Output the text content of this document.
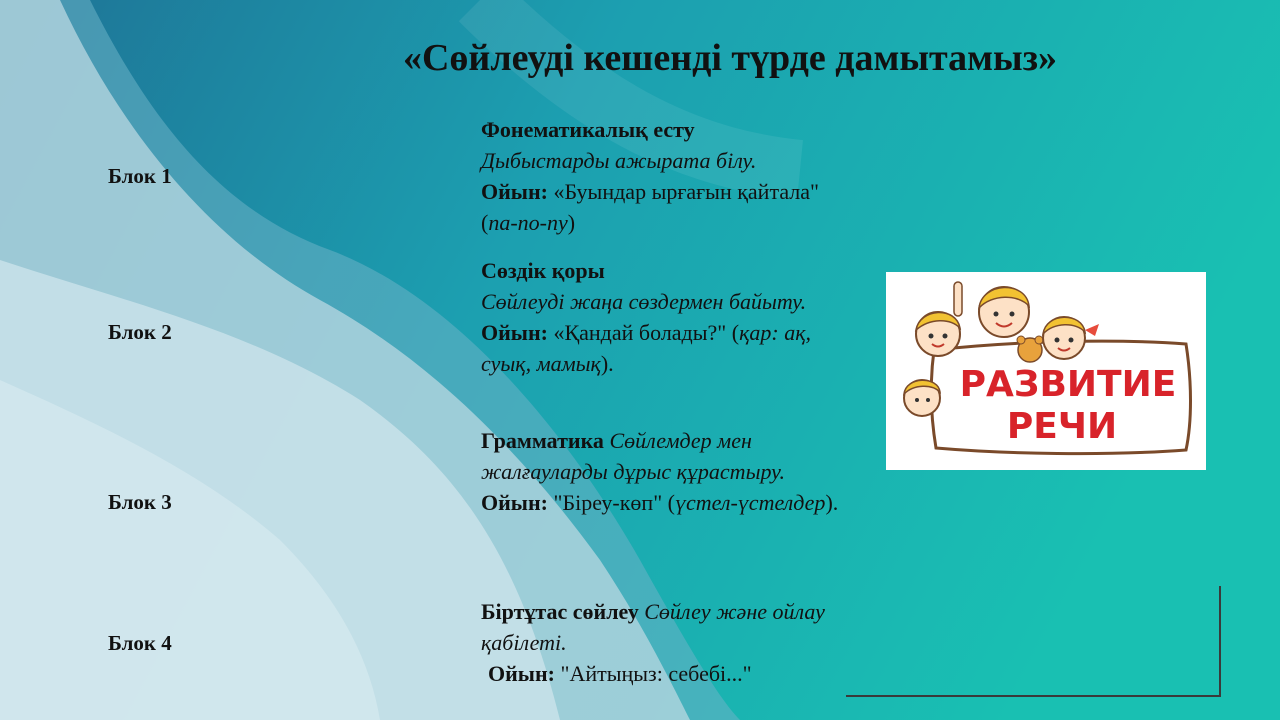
«Сөйлеуді кешенді түрде дамытамыз»
Блок 1
Фонематикалық есту
Дыбыстарды ажырата білу.
Ойын: «Буындар ырғағын қайтала" (па-по-пу)
Блок 2
Сөздік қоры
Сөйлеуді жаңа сөздермен байыту.
Ойын: «Қандай болады?" (қар: ақ, суық, мамық).
Блок 3
Грамматика Сөйлемдер мен жалғауларды дұрыс құрастыру.
Ойын: "Біреу-көп" (үстел-үстелдер).
Блок 4
Біртұтас сөйлеу Сөйлеу және ойлау қабілеті.
Ойын: "Айтыңыз: себебі..."
РАЗВИТИЕ
РЕЧИ
